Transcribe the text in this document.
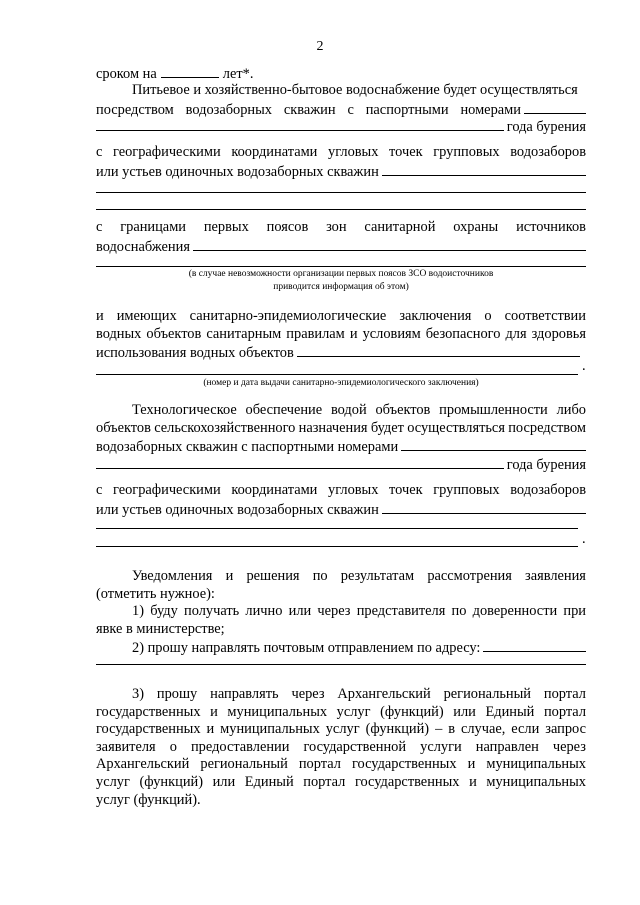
2
сроком на	лет*.
Питьевое и хозяйственно-бытовое водоснабжение будет осуществляться
посредством водозаборных скважин с паспортными номерами
года бурения
с географическими координатами угловых точек групповых водозаборов
или устьев одиночных водозаборных скважин
с границами первых поясов зон санитарной охраны источников
водоснабжения
(в случае невозможности организации первых поясов ЗСО водоисточников
приводится информация об этом)
и имеющих санитарно-эпидемиологические заключения о соответствии
водных объектов санитарным правилам и условиям безопасного для здоровья
использования водных объектов
.
(номер и дата выдачи санитарно-эпидемиологического заключения)
Технологическое обеспечение водой объектов промышленности либо
объектов сельскохозяйственного назначения будет осуществляться посредством
водозаборных скважин с паспортными номерами
года бурения
с географическими координатами угловых точек групповых водозаборов
или устьев одиночных водозаборных скважин
.
Уведомления и решения по результатам рассмотрения заявления
(отметить нужное):
1) буду получать лично или через представителя по доверенности при
явке в министерстве;
2) прошу направлять почтовым отправлением по адресу:
3) прошу направлять через Архангельский региональный портал
государственных и муниципальных услуг (функций) или Единый портал
государственных и муниципальных услуг (функций) – в случае, если запрос
заявителя о предоставлении государственной услуги направлен через
Архангельский региональный портал государственных и муниципальных
услуг (функций) или Единый портал государственных и муниципальных
услуг (функций).
